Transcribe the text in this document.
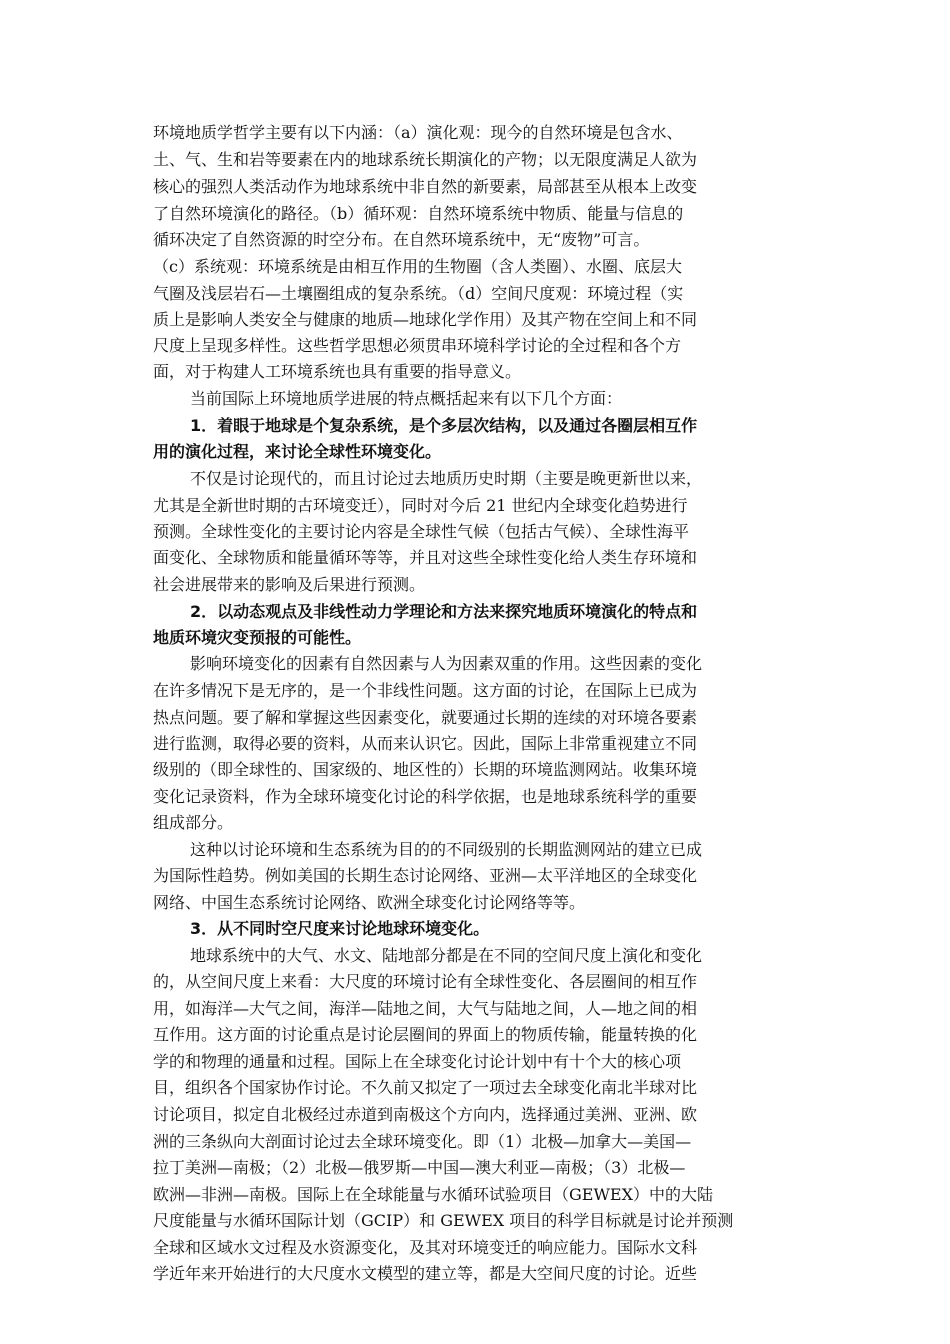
环境地质学哲学主要有以下内涵：（a）演化观：现今的自然环境是包含水、
土、气、生和岩等要素在内的地球系统长期演化的产物；以无限度满足人欲为
核心的强烈人类活动作为地球系统中非自然的新要素，局部甚至从根本上改变
了自然环境演化的路径。（b）循环观：自然环境系统中物质、能量与信息的
循环决定了自然资源的时空分布。在自然环境系统中，无“废物”可言。
（c）系统观：环境系统是由相互作用的生物圈（含人类圈）、水圈、底层大
气圈及浅层岩石—土壤圈组成的复杂系统。（d）空间尺度观：环境过程（实
质上是影响人类安全与健康的地质—地球化学作用）及其产物在空间上和不同
尺度上呈现多样性。这些哲学思想必须贯串环境科学讨论的全过程和各个方
面，对于构建人工环境系统也具有重要的指导意义。
当前国际上环境地质学进展的特点概括起来有以下几个方面：
1．着眼于地球是个复杂系统，是个多层次结构，以及通过各圈层相互作
用的演化过程，来讨论全球性环境变化。
不仅是讨论现代的，而且讨论过去地质历史时期（主要是晚更新世以来，
尤其是全新世时期的古环境变迁），同时对今后 21 世纪内全球变化趋势进行
预测。全球性变化的主要讨论内容是全球性气候（包括古气候）、全球性海平
面变化、全球物质和能量循环等等，并且对这些全球性变化给人类生存环境和
社会进展带来的影响及后果进行预测。
2．以动态观点及非线性动力学理论和方法来探究地质环境演化的特点和
地质环境灾变预报的可能性。
影响环境变化的因素有自然因素与人为因素双重的作用。这些因素的变化
在许多情况下是无序的，是一个非线性问题。这方面的讨论，在国际上已成为
热点问题。要了解和掌握这些因素变化，就要通过长期的连续的对环境各要素
进行监测，取得必要的资料，从而来认识它。因此，国际上非常重视建立不同
级别的（即全球性的、国家级的、地区性的）长期的环境监测网站。收集环境
变化记录资料，作为全球环境变化讨论的科学依据，也是地球系统科学的重要
组成部分。
这种以讨论环境和生态系统为目的的不同级别的长期监测网站的建立已成
为国际性趋势。例如美国的长期生态讨论网络、亚洲—太平洋地区的全球变化
网络、中国生态系统讨论网络、欧洲全球变化讨论网络等等。
3．从不同时空尺度来讨论地球环境变化。
地球系统中的大气、水文、陆地部分都是在不同的空间尺度上演化和变化
的，从空间尺度上来看：大尺度的环境讨论有全球性变化、各层圈间的相互作
用，如海洋—大气之间，海洋—陆地之间，大气与陆地之间，人—地之间的相
互作用。这方面的讨论重点是讨论层圈间的界面上的物质传输，能量转换的化
学的和物理的通量和过程。国际上在全球变化讨论计划中有十个大的核心项
目，组织各个国家协作讨论。不久前又拟定了一项过去全球变化南北半球对比
讨论项目，拟定自北极经过赤道到南极这个方向内，选择通过美洲、亚洲、欧
洲的三条纵向大剖面讨论过去全球环境变化。即（1）北极—加拿大—美国—
拉丁美洲—南极；（2）北极—俄罗斯—中国—澳大利亚—南极；（3）北极—
欧洲—非洲—南极。国际上在全球能量与水循环试验项目（GEWEX）中的大陆
尺度能量与水循环国际计划（GCIP）和 GEWEX 项目的科学目标就是讨论并预测
全球和区域水文过程及水资源变化，及其对环境变迁的响应能力。国际水文科
学近年来开始进行的大尺度水文模型的建立等，都是大空间尺度的讨论。近些
